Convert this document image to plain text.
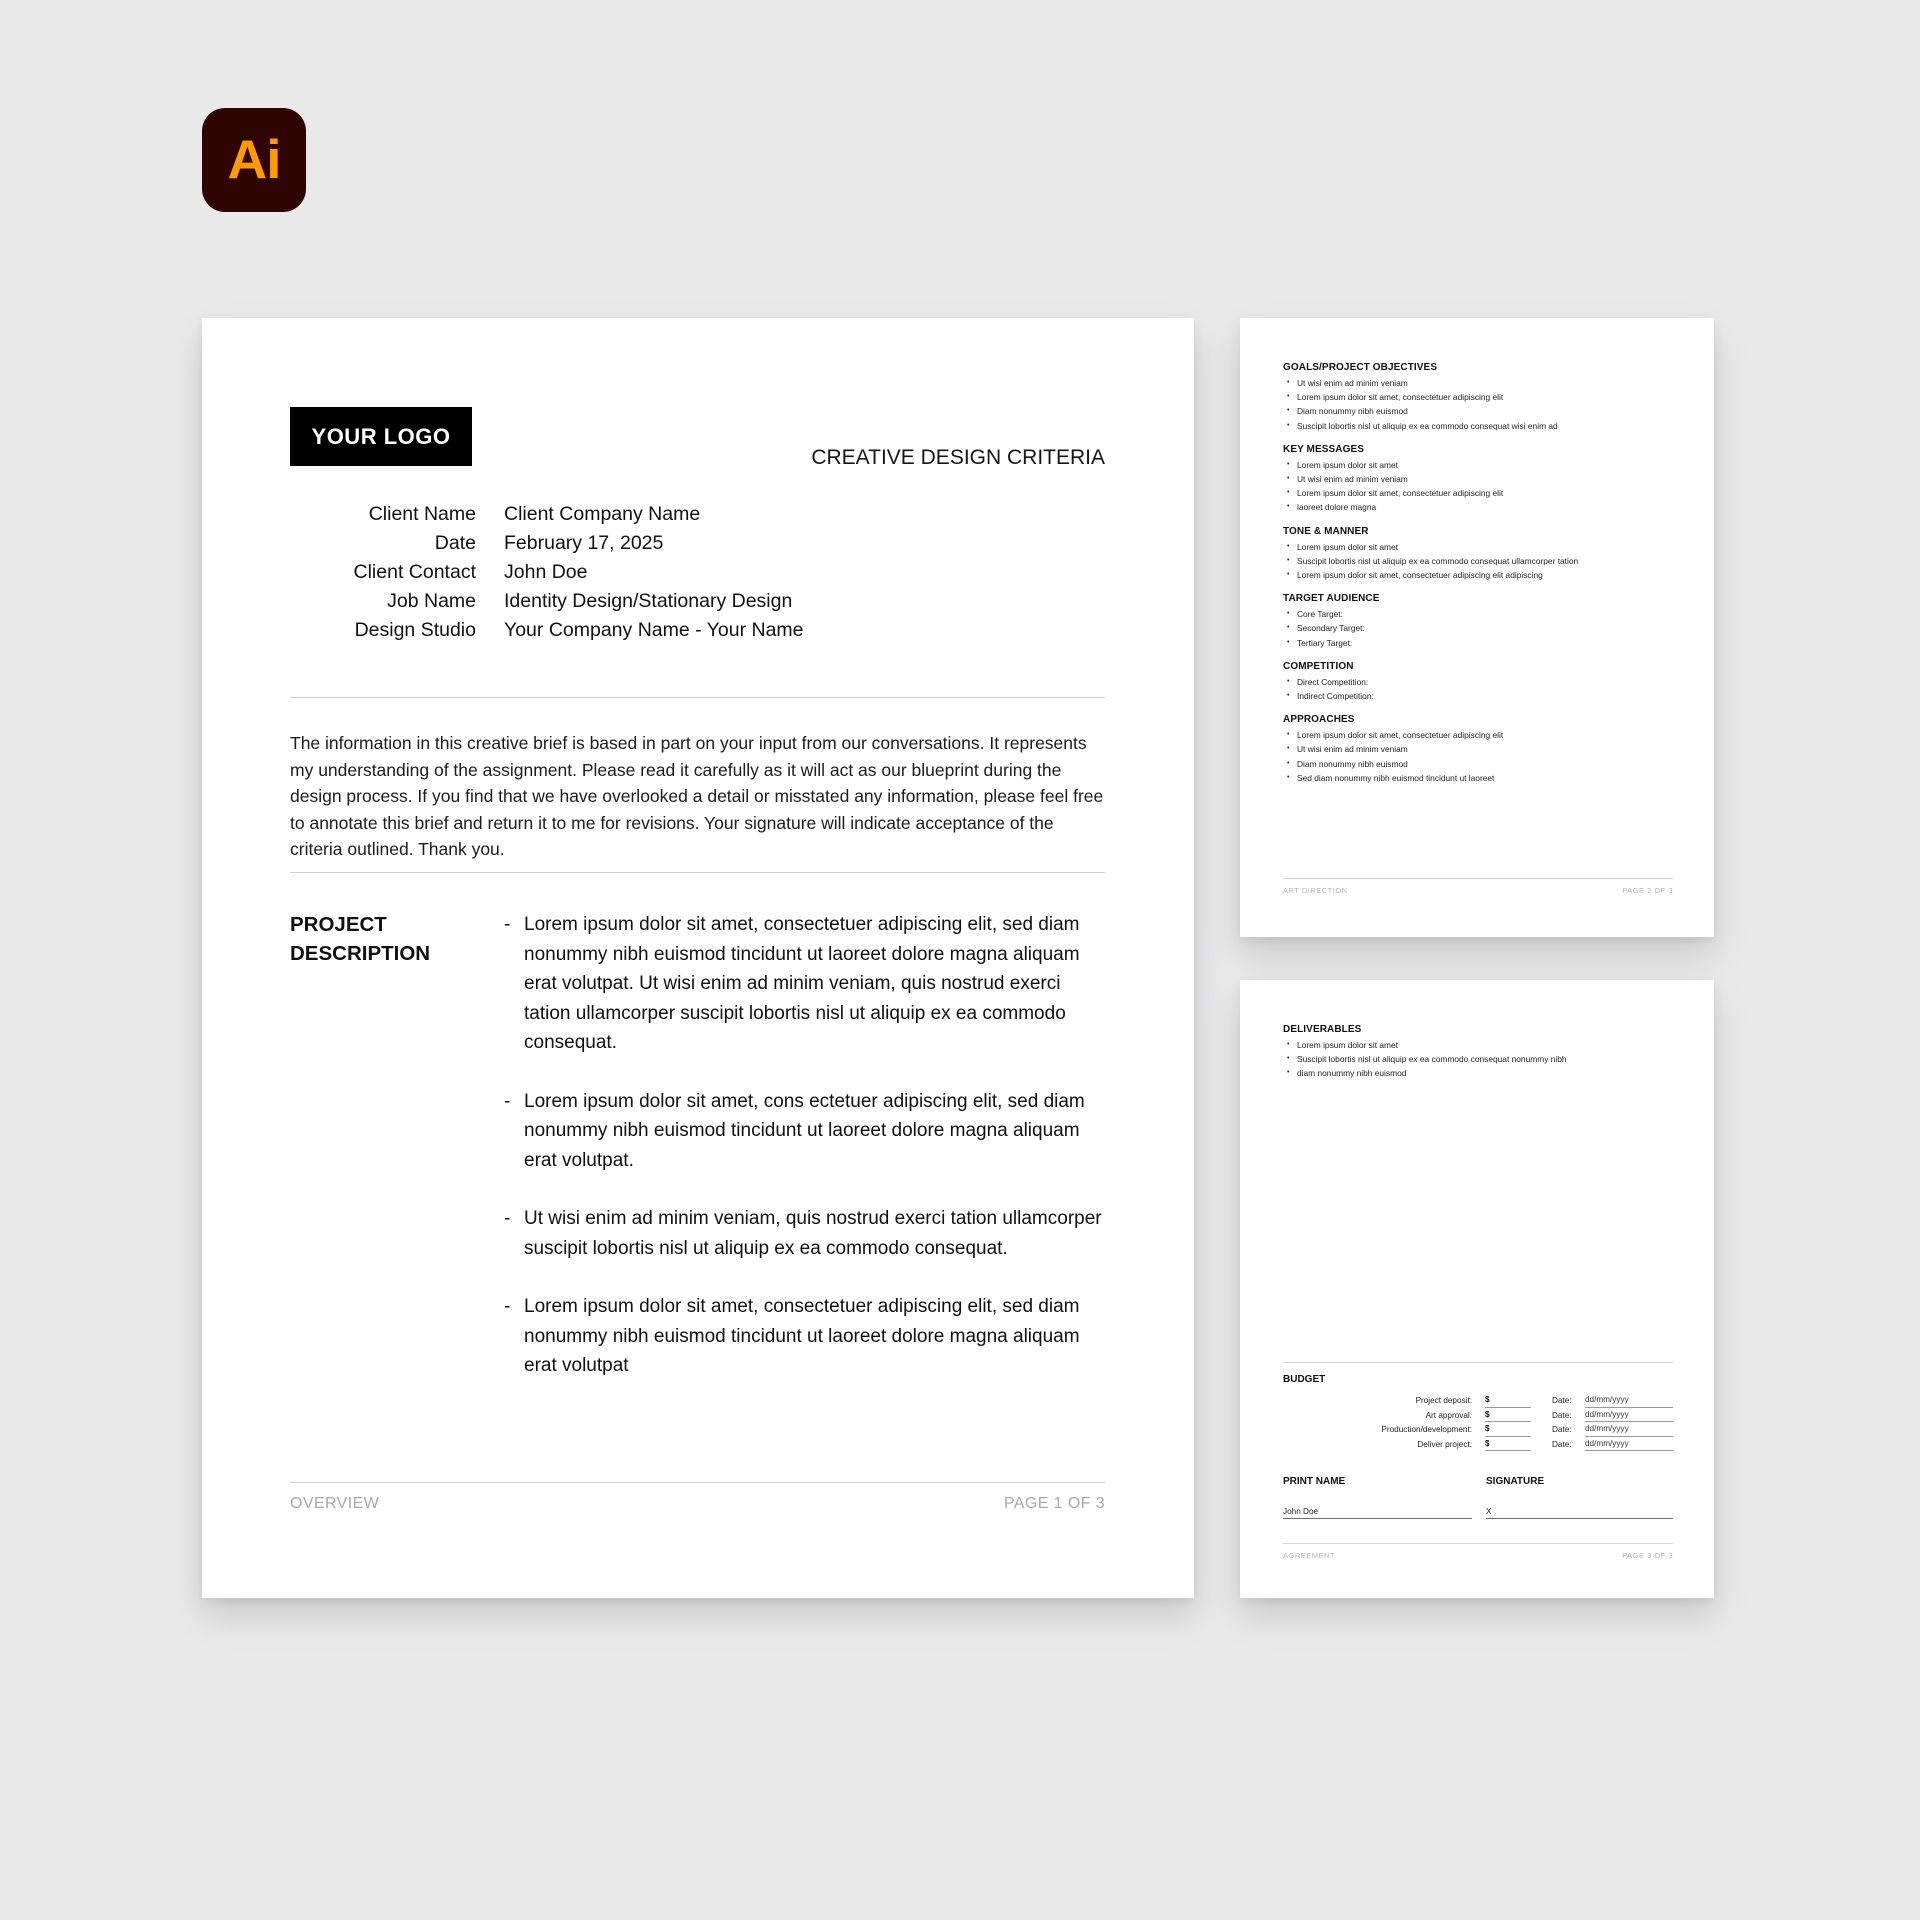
Ai
YOUR LOGO
CREATIVE DESIGN CRITERIA
Client Name Client Company Name
Date February 17, 2025
Client Contact John Doe
Job Name Identity Design/Stationary Design
Design Studio Your Company Name - Your Name

The information in this creative brief is based in part on your input from our conversations. It represents my understanding of the assignment. Please read it carefully as it will act as our blueprint during the design process. If you find that we have overlooked a detail or misstated any information, please feel free to annotate this brief and return it to me for revisions. Your signature will indicate acceptance of the criteria outlined. Thank you.

PROJECT DESCRIPTION
- Lorem ipsum dolor sit amet, consectetuer adipiscing elit, sed diam nonummy nibh euismod tincidunt ut laoreet dolore magna aliquam erat volutpat. Ut wisi enim ad minim veniam, quis nostrud exerci tation ullamcorper suscipit lobortis nisl ut aliquip ex ea commodo consequat.
- Lorem ipsum dolor sit amet, cons ectetuer adipiscing elit, sed diam nonummy nibh euismod tincidunt ut laoreet dolore magna aliquam erat volutpat.
- Ut wisi enim ad minim veniam, quis nostrud exerci tation ullamcorper suscipit lobortis nisl ut aliquip ex ea commodo consequat.
- Lorem ipsum dolor sit amet, consectetuer adipiscing elit, sed diam nonummy nibh euismod tincidunt ut laoreet dolore magna aliquam erat volutpat
OVERVIEW	PAGE 1 OF 3
GOALS/PROJECT OBJECTIVES
• Ut wisi enim ad minim veniam
• Lorem ipsum dolor sit amet, consectetuer adipiscing elit
• Diam nonummy nibh euismod
• Suscipit lobortis nisl ut aliquip ex ea commodo consequat wisi enim ad
KEY MESSAGES
• Lorem ipsum dolor sit amet
• Ut wisi enim ad minim veniam
• Lorem ipsum dolor sit amet, consectetuer adipiscing elit
• laoreet dolore magna
TONE & MANNER
• Lorem ipsum dolor sit amet
• Suscipit lobortis nisl ut aliquip ex ea commodo consequat ullamcorper tation
• Lorem ipsum dolor sit amet, consectetuer adipiscing elit adipiscing
TARGET AUDIENCE
• Core Target:
• Secondary Target:
• Tertiary Target:
COMPETITION
• Direct Competition:
• Indirect Competition:
APPROACHES
• Lorem ipsum dolor sit amet, consectetuer adipiscing elit
• Ut wisi enim ad minim veniam
• Diam nonummy nibh euismod
• Sed diam nonummy nibh euismod tincidunt ut laoreet
ART DIRECTION	PAGE 2 OF 3
DELIVERABLES
• Lorem ipsum dolor sit amet
• Suscipit lobortis nisl ut aliquip ex ea commodo consequat nonummy nibh
• diam nonummy nibh euismod
BUDGET
Project deposit: $	Date:	dd/mm/yyyy
Art approval: $	Date:	dd/mm/yyyy
Production/development: $	Date:	dd/mm/yyyy
Deliver project: $	Date:	dd/mm/yyyy
PRINT NAME
John Doe
SIGNATURE
X
AGREEMENT	PAGE 3 OF 3
